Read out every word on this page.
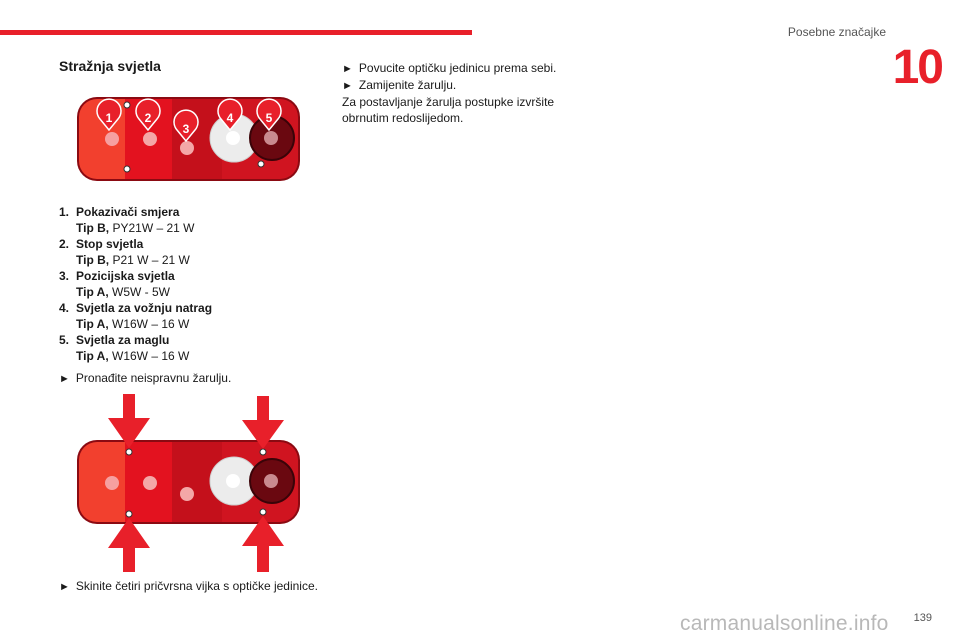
Posebne značajke
10
Stražnja svjetla
1	2
3
4	5
1. Pokazivači smjera
Tip B, PY21W – 21 W
2. Stop svjetla
Tip B, P21 W – 21 W
3. Pozicijska svjetla
Tip A, W5W - 5W
4. Svjetla za vožnju natrag
Tip A, W16W – 16 W
5. Svjetla za maglu
Tip A, W16W – 16 W

► Pronađite neispravnu žarulju.

► Skinite četiri pričvrsna vijka s optičke jedinice.

► Povucite optičku jedinicu prema sebi.

► Zamijenite žarulju.

Za postavljanje žarulja postupke izvršite obrnutim redoslijedom.

139
carmanualsonline.info
